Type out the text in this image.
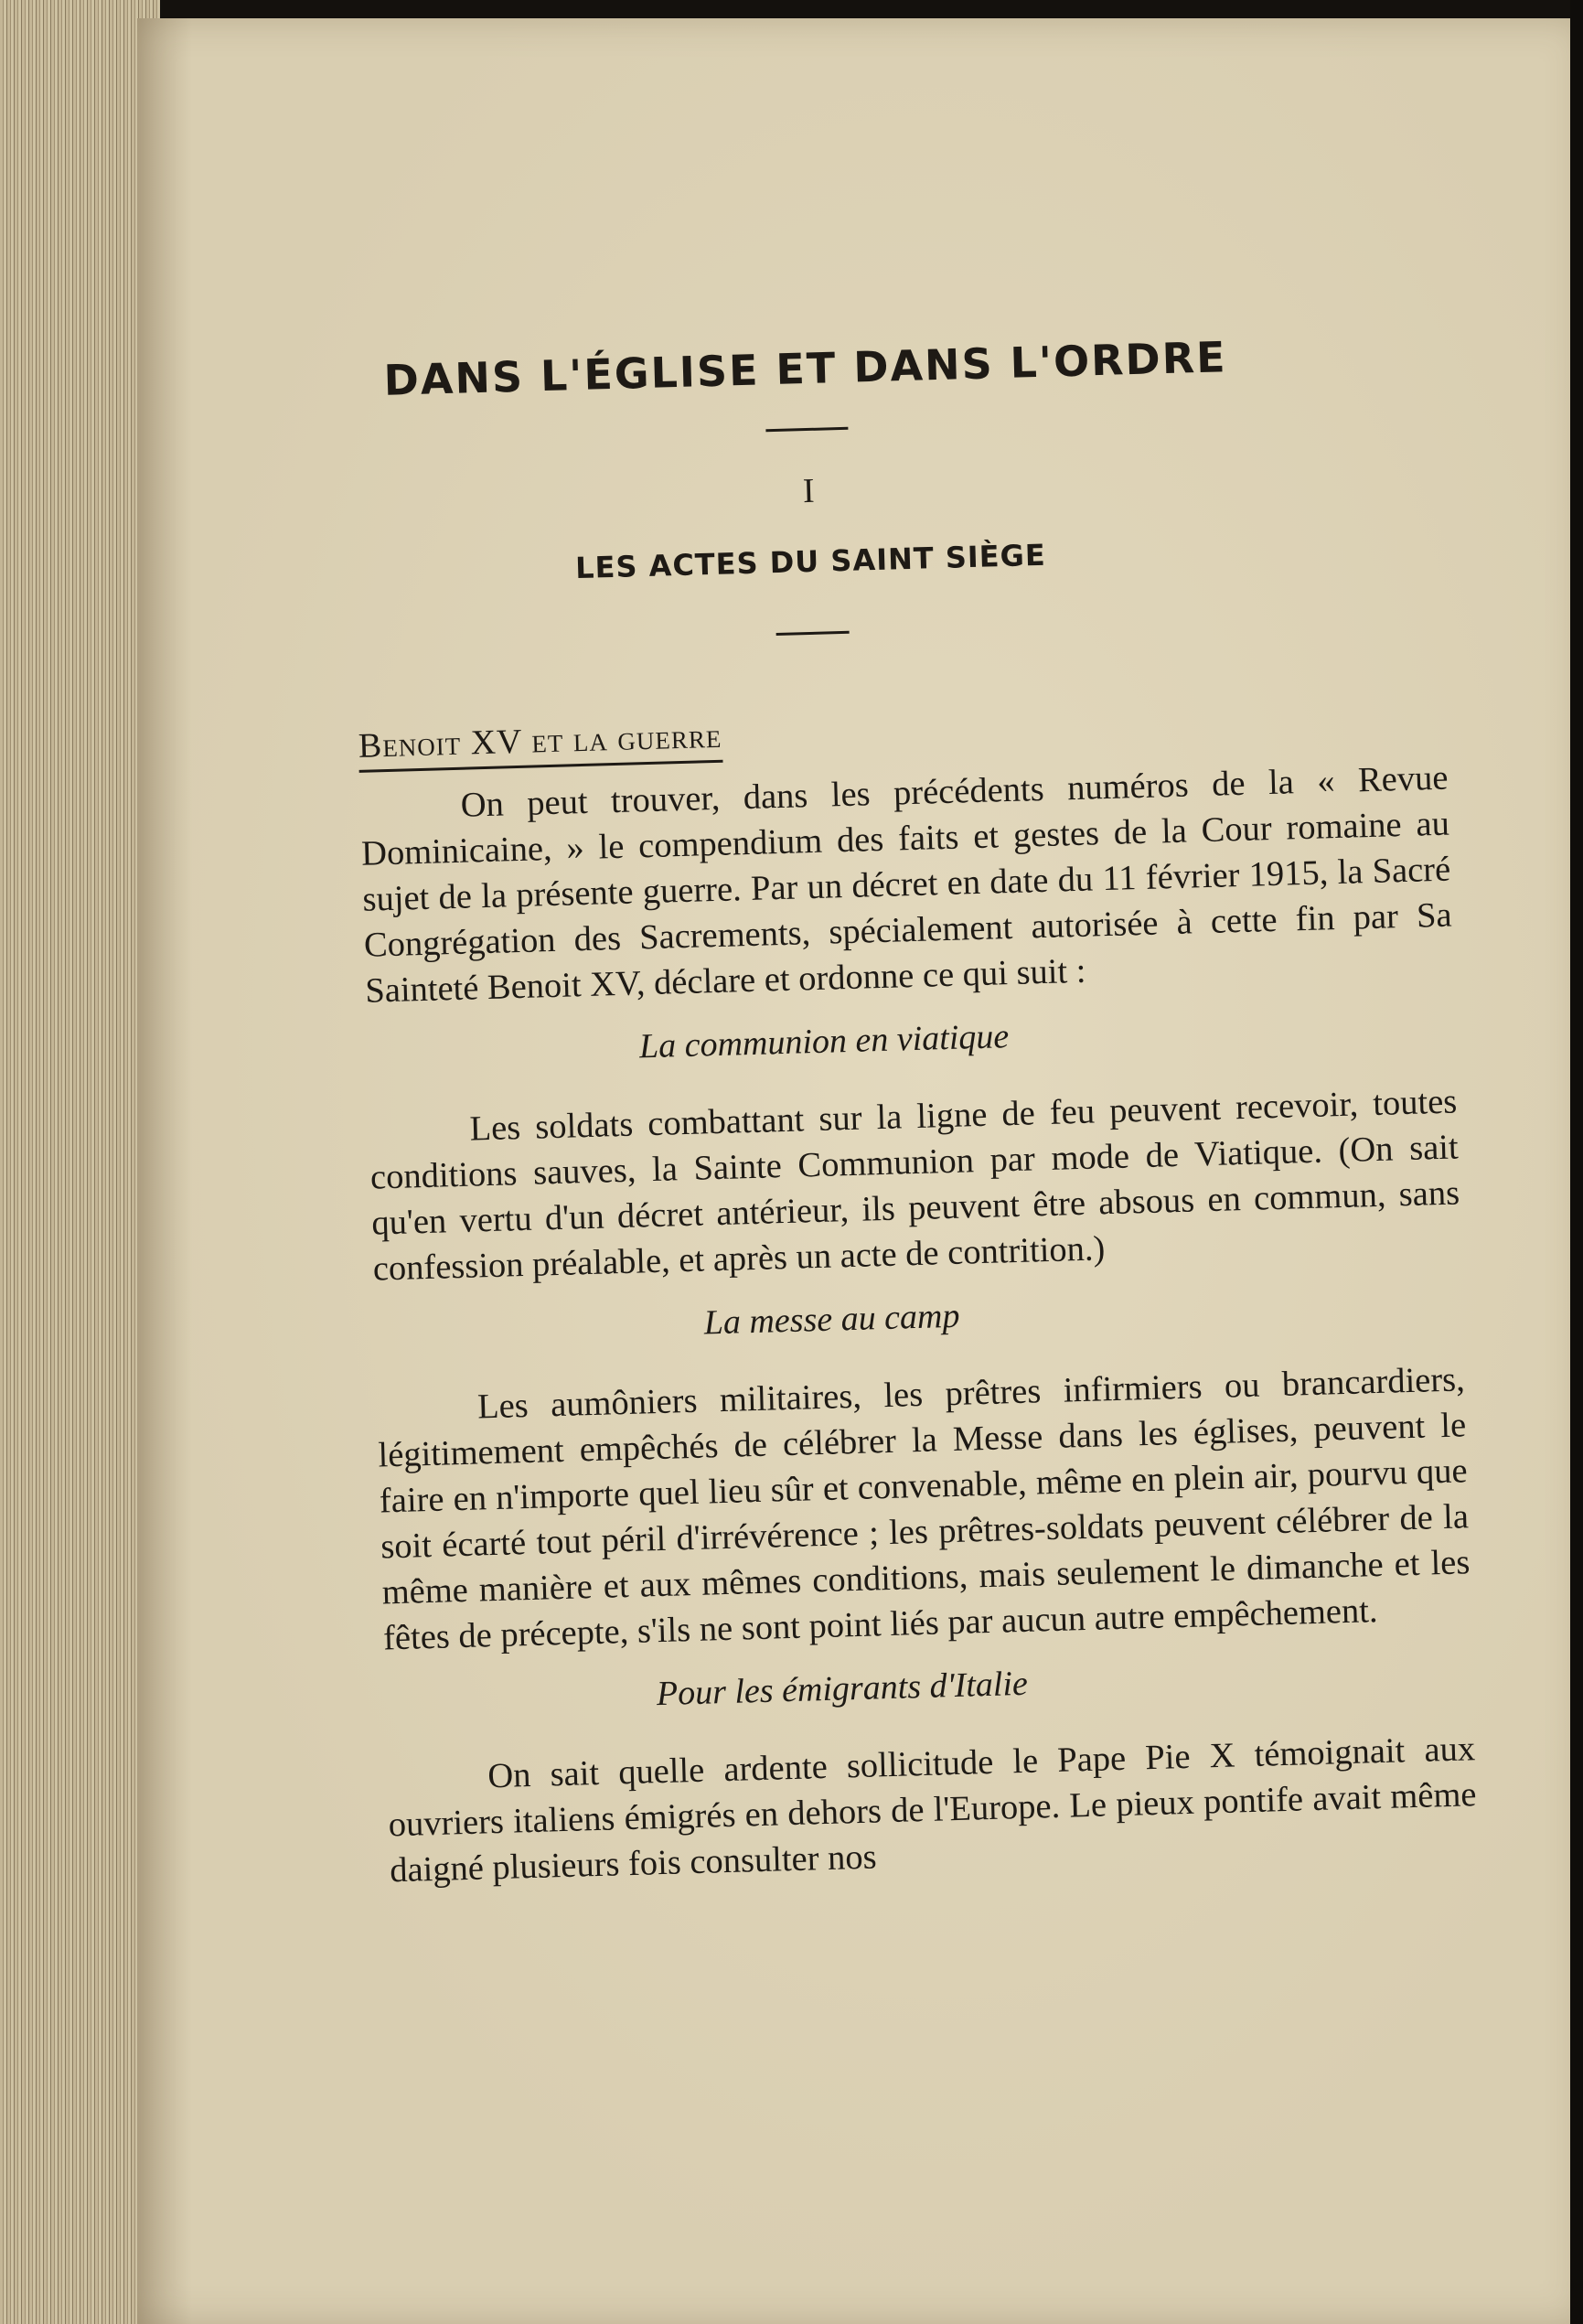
DANS L'ÉGLISE ET DANS L'ORDRE
I
LES ACTES DU SAINT SIÈGE
Benoit XV et la guerre

On peut trouver, dans les précédents numéros de la « Revue Dominicaine, » le compendium des faits et gestes de la Cour romaine au sujet de la présente guerre. Par un décret en date du 11 février 1915, la Sacré Congrégation des Sacrements, spécialement autorisée à cette fin par Sa Sainteté Benoit XV, déclare et ordonne ce qui suit :

La communion en viatique

Les soldats combattant sur la ligne de feu peuvent recevoir, toutes conditions sauves, la Sainte Communion par mode de Viatique. (On sait qu'en vertu d'un décret antérieur, ils peuvent être absous en commun, sans confession préalable, et après un acte de contrition.)

La messe au camp

Les aumôniers militaires, les prêtres infirmiers ou brancardiers, légitimement empêchés de célébrer la Messe dans les églises, peuvent le faire en n'importe quel lieu sûr et convenable, même en plein air, pourvu que soit écarté tout péril d'irrévérence ; les prêtres-soldats peuvent célébrer de la même manière et aux mêmes conditions, mais seulement le dimanche et les fêtes de précepte, s'ils ne sont point liés par aucun autre empêchement.

Pour les émigrants d'Italie

On sait quelle ardente sollicitude le Pape Pie X témoignait aux ouvriers italiens émigrés en dehors de l'Europe. Le pieux pontife avait même daigné plusieurs fois consulter nos
